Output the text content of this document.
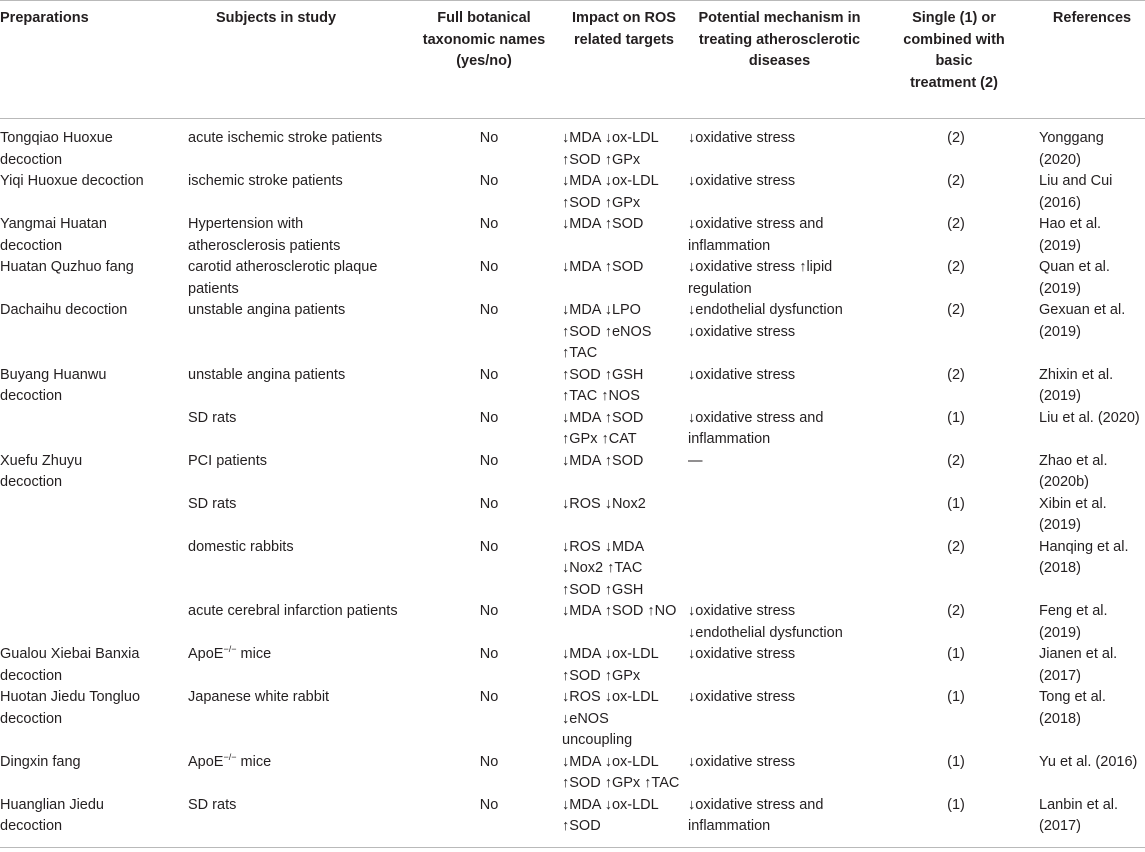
Preparations	Subjects in study	Full botanical taxonomic names (yes/no)	Impact on ROS related targets	Potential mechanism in treating atherosclerotic diseases	Single (1) or combined with basic treatment (2)	References
Tongqiao Huoxue decoction	acute ischemic stroke patients	No	↓MDA ↓ox-LDL ↑SOD ↑GPx	↓oxidative stress	(2)	Yonggang (2020)
Yiqi Huoxue decoction	ischemic stroke patients	No	↓MDA ↓ox-LDL ↑SOD ↑GPx	↓oxidative stress	(2)	Liu and Cui (2016)
Yangmai Huatan decoction	Hypertension with atherosclerosis patients	No	↓MDA ↑SOD	↓oxidative stress and inflammation	(2)	Hao et al. (2019)
Huatan Quzhuo fang	carotid atherosclerotic plaque patients	No	↓MDA ↑SOD	↓oxidative stress ↑lipid regulation	(2)	Quan et al. (2019)
Dachaihu decoction	unstable angina patients	No	↓MDA ↓LPO ↑SOD ↑eNOS ↑TAC	↓endothelial dysfunction ↓oxidative stress	(2)	Gexuan et al. (2019)
Buyang Huanwu decoction	unstable angina patients	No	↑SOD ↑GSH ↑TAC ↑NOS	↓oxidative stress	(2)	Zhixin et al. (2019)
	SD rats	No	↓MDA ↑SOD ↑GPx ↑CAT	↓oxidative stress and inflammation	(1)	Liu et al. (2020)
Xuefu Zhuyu decoction	PCI patients	No	↓MDA ↑SOD	—	(2)	Zhao et al. (2020b)
	SD rats	No	↓ROS ↓Nox2		(1)	Xibin et al. (2019)
	domestic rabbits	No	↓ROS ↓MDA ↓Nox2 ↑TAC ↑SOD ↑GSH		(2)	Hanqing et al. (2018)
	acute cerebral infarction patients	No	↓MDA ↑SOD ↑NO	↓oxidative stress ↓endothelial dysfunction	(2)	Feng et al. (2019)
Gualou Xiebai Banxia decoction	ApoE−/− mice	No	↓MDA ↓ox-LDL ↑SOD ↑GPx	↓oxidative stress	(1)	Jianen et al. (2017)
Huotan Jiedu Tongluo decoction	Japanese white rabbit	No	↓ROS ↓ox-LDL ↓eNOS uncoupling	↓oxidative stress	(1)	Tong et al. (2018)
Dingxin fang	ApoE−/− mice	No	↓MDA ↓ox-LDL ↑SOD ↑GPx ↑TAC	↓oxidative stress	(1)	Yu et al. (2016)
Huanglian Jiedu decoction	SD rats	No	↓MDA ↓ox-LDL ↑SOD	↓oxidative stress and inflammation	(1)	Lanbin et al. (2017)
